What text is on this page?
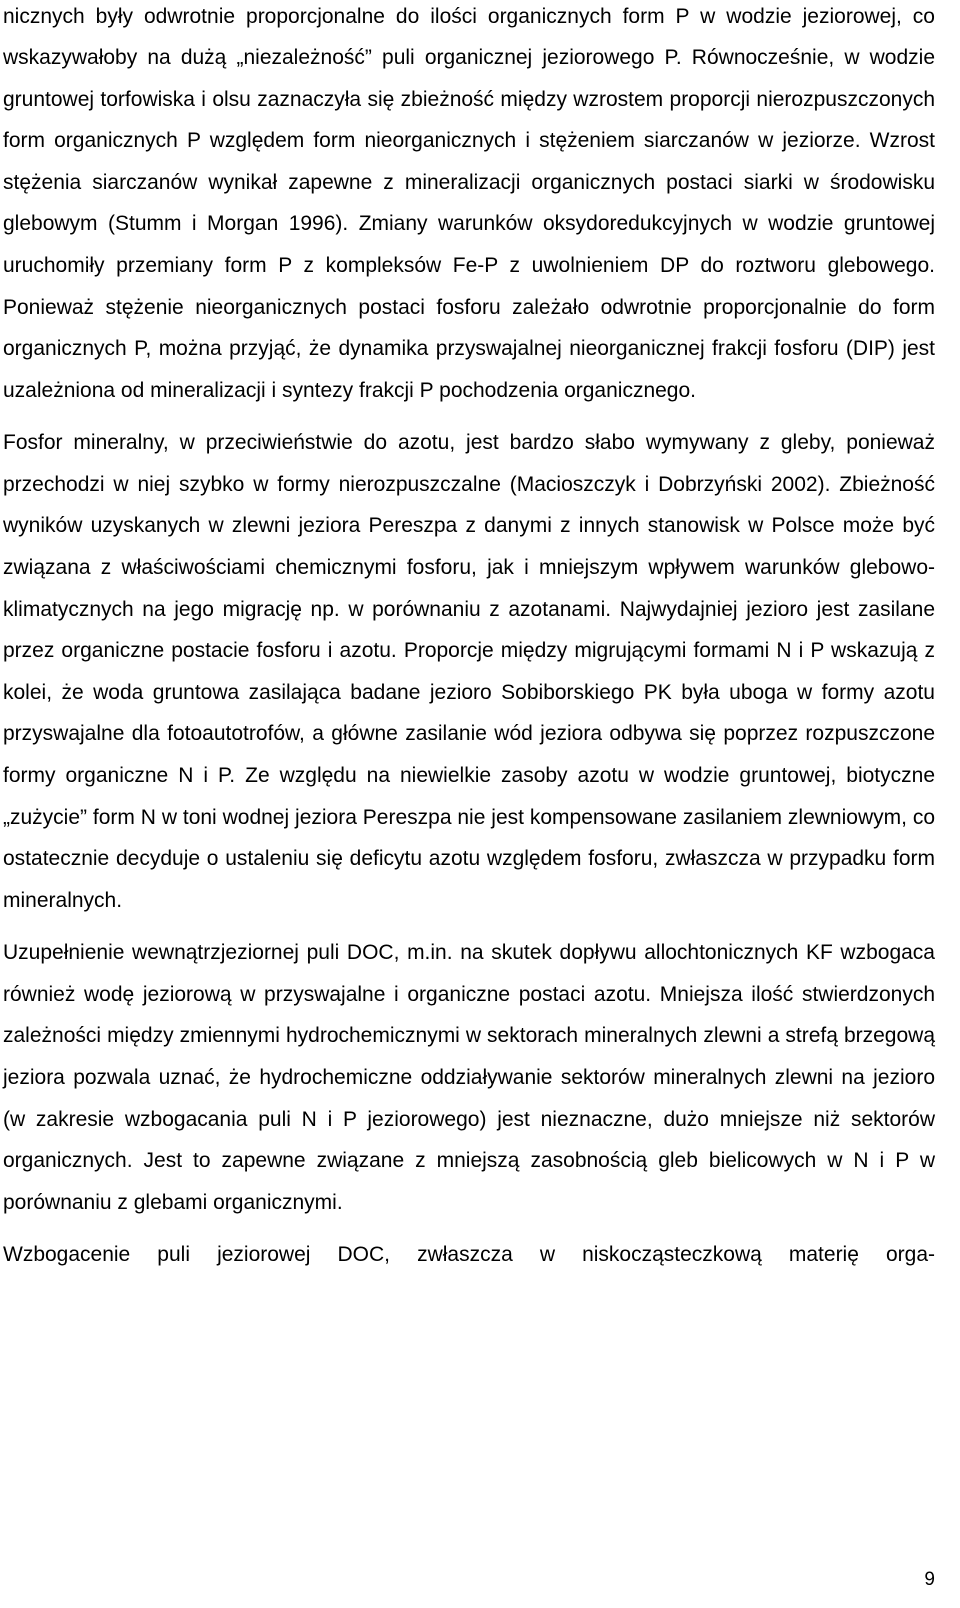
nicznych były odwrotnie proporcjonalne do ilości organicznych form P w wodzie jeziorowej, co wskazywałoby na dużą „niezależność” puli organicznej jeziorowego P. Równocześnie, w wodzie gruntowej torfowiska i olsu zaznaczyła się zbieżność między wzrostem proporcji nierozpuszczonych form organicznych P względem form nieorganicznych i stężeniem siarczanów w jeziorze. Wzrost stężenia siarczanów wynikał zapewne z mineralizacji organicznych postaci siarki w środowisku glebowym (Stumm i Morgan 1996). Zmiany warunków oksydoredukcyjnych w wodzie gruntowej uruchomiły przemiany form P z kompleksów Fe-P z uwolnieniem DP do roztworu glebowego. Ponieważ stężenie nieorganicznych postaci fosforu zależało odwrotnie proporcjonalnie do form organicznych P, można przyjąć, że dynamika przyswajalnej nieorganicznej frakcji fosforu (DIP) jest uzależniona od mineralizacji i syntezy frakcji P pochodzenia organicznego.

Fosfor mineralny, w przeciwieństwie do azotu, jest bardzo słabo wymywany z gleby, ponieważ przechodzi w niej szybko w formy nierozpuszczalne (Macioszczyk i Dobrzyński 2002). Zbieżność wyników uzyskanych w zlewni jeziora Pereszpa z danymi z innych stanowisk w Polsce może być związana z właściwościami chemicznymi fosforu, jak i mniejszym wpływem warunków glebowo-klimatycznych na jego migrację np. w porównaniu z azotanami. Najwydajniej jezioro jest zasilane przez organiczne postacie fosforu i azotu. Proporcje między migrującymi formami N i P wskazują z kolei, że woda gruntowa zasilająca badane jezioro Sobiborskiego PK była uboga w formy azotu przyswajalne dla fotoautotrofów, a główne zasilanie wód jeziora odbywa się poprzez rozpuszczone formy organiczne N i P. Ze względu na niewielkie zasoby azotu w wodzie gruntowej, biotyczne „zużycie” form N w toni wodnej jeziora Pereszpa nie jest kompensowane zasilaniem zlewniowym, co ostatecznie decyduje o ustaleniu się deficytu azotu względem fosforu, zwłaszcza w przypadku form mineralnych.

Uzupełnienie wewnątrzjeziornej puli DOC, m.in. na skutek dopływu allochtonicznych KF wzbogaca również wodę jeziorową w przyswajalne i organiczne postaci azotu. Mniejsza ilość stwierdzonych zależności między zmiennymi hydrochemicznymi w sektorach mineralnych zlewni a strefą brzegową jeziora pozwala uznać, że hydrochemiczne oddziaływanie sektorów mineralnych zlewni na jezioro (w zakresie wzbogacania puli N i P jeziorowego) jest nieznaczne, dużo mniejsze niż sektorów organicznych. Jest to zapewne związane z mniejszą zasobnością gleb bielicowych w N i P w porównaniu z glebami organicznymi.

Wzbogacenie puli jeziorowej DOC, zwłaszcza w niskocząsteczkową materię orga-

9
